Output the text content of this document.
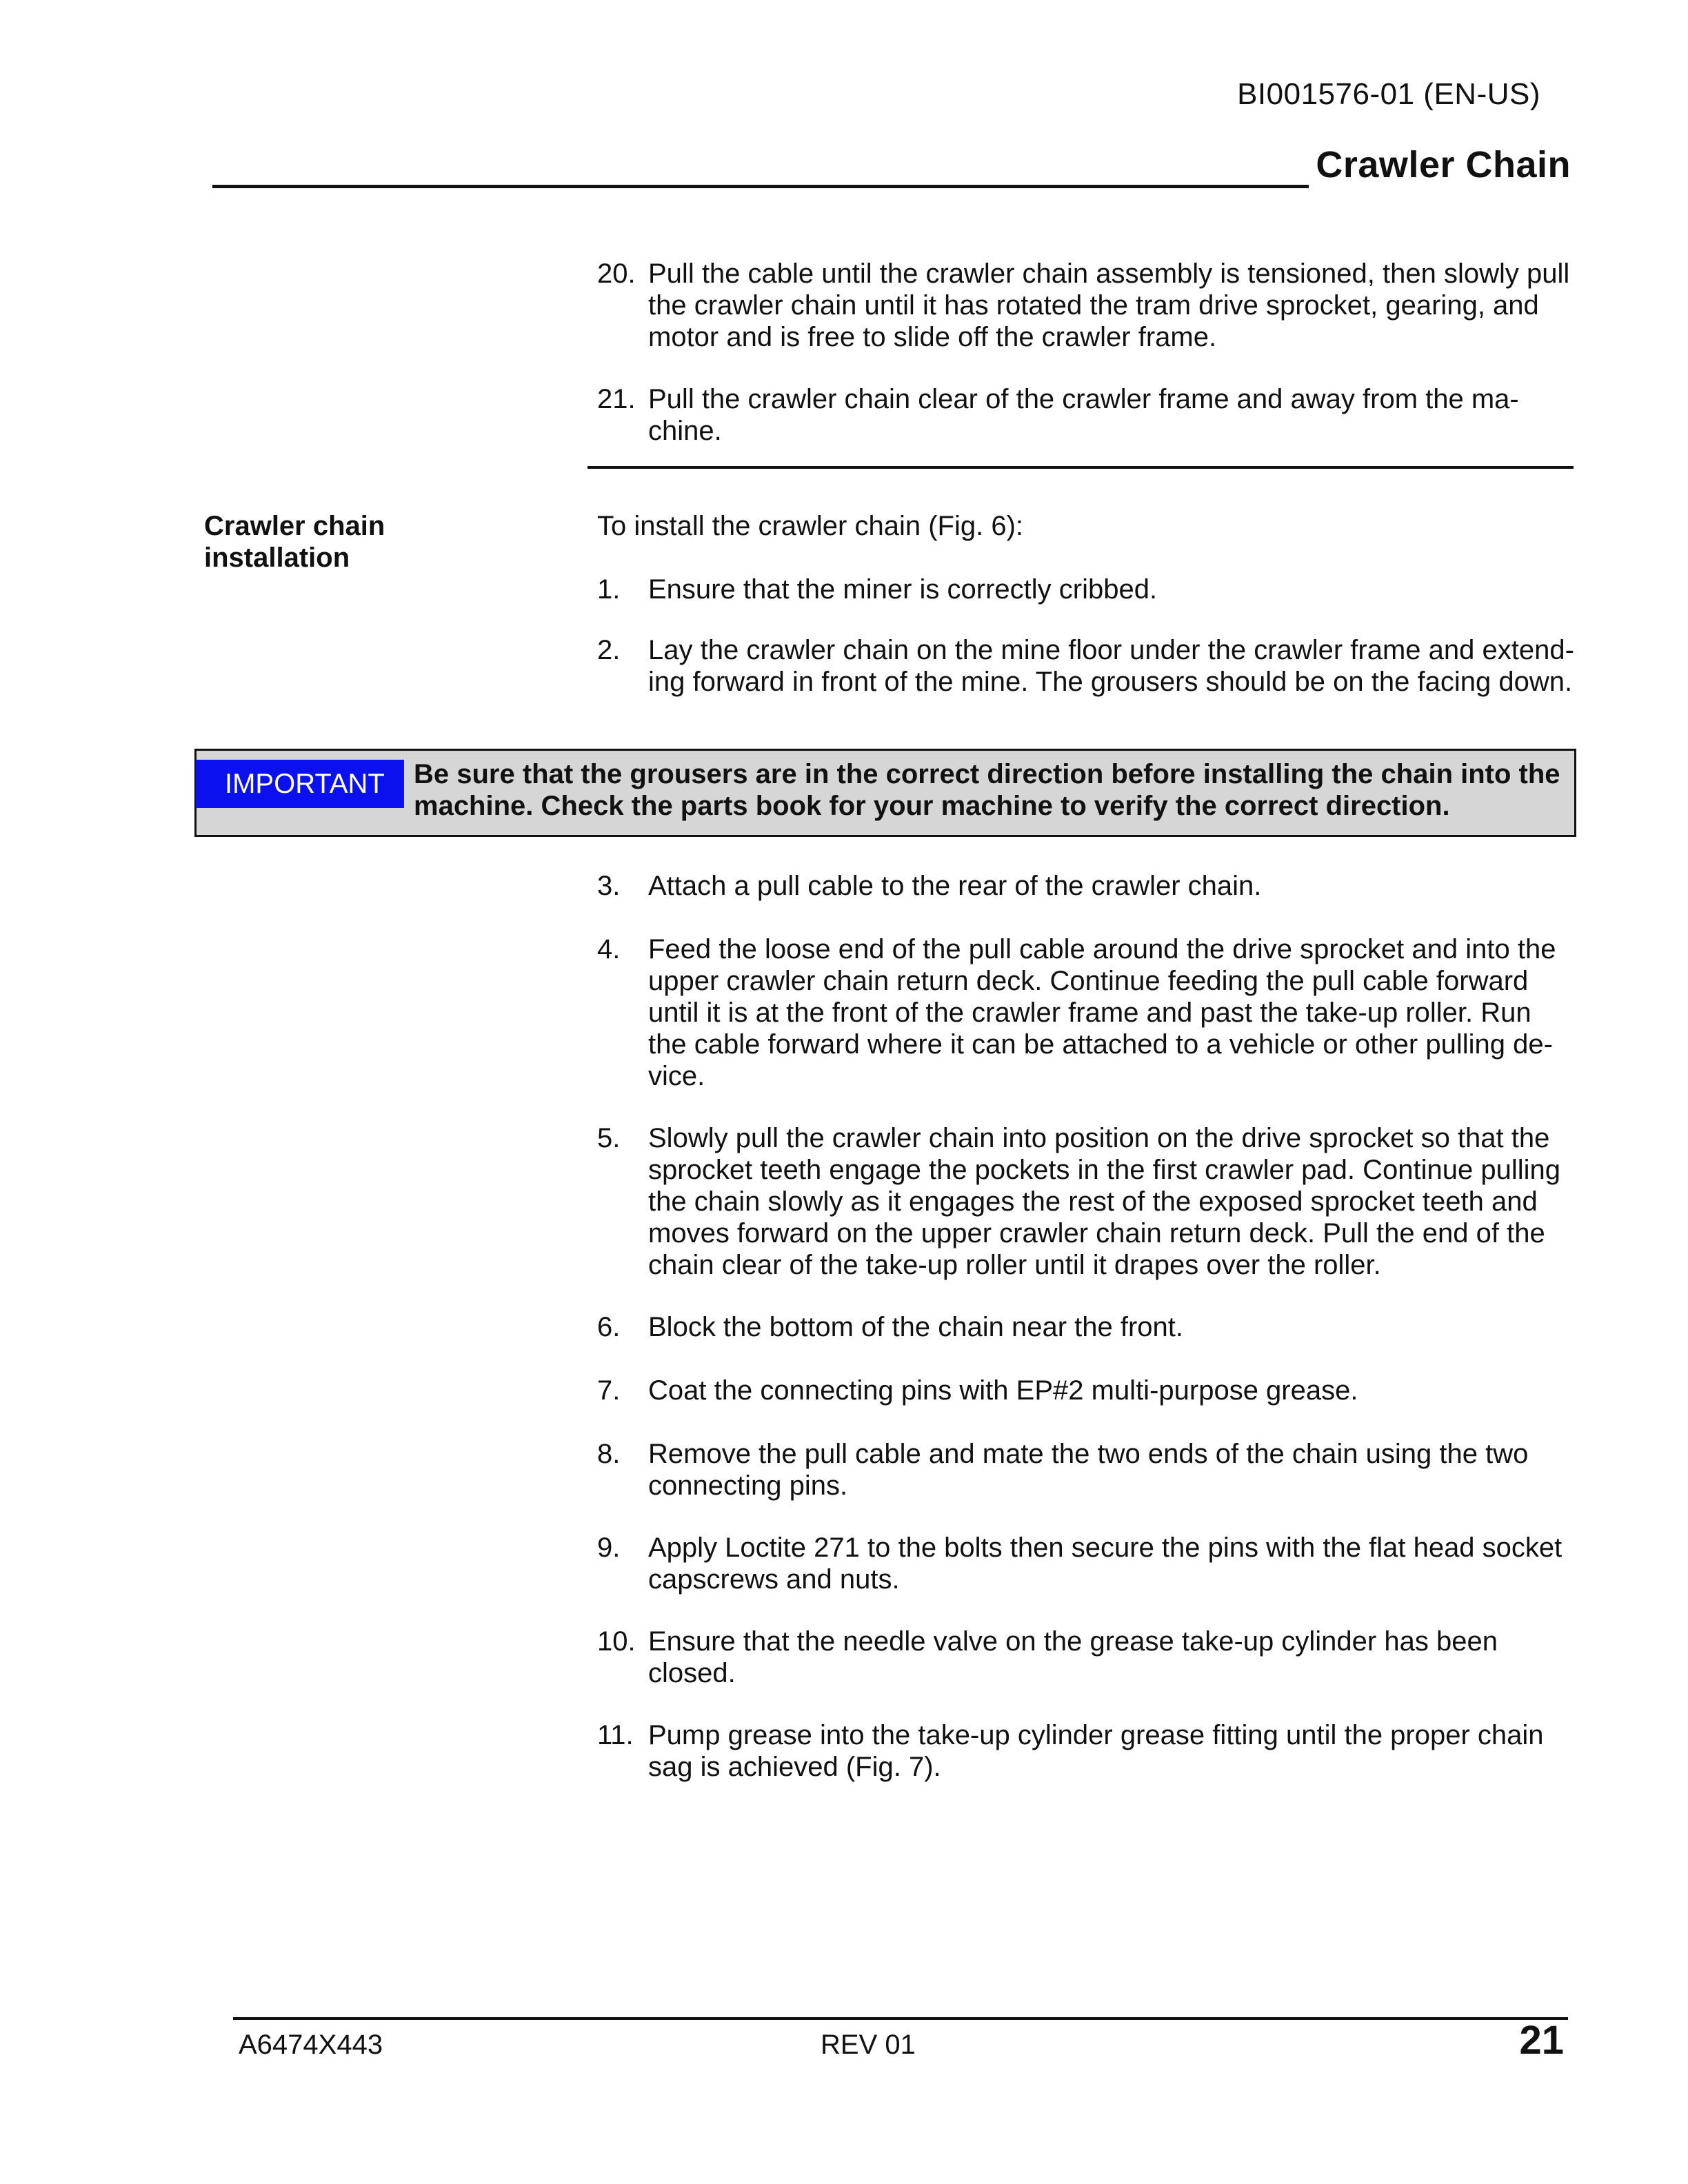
BI001576-01 (EN-US)
Crawler Chain
20. Pull the cable until the crawler chain assembly is tensioned, then slowly pull the crawler chain until it has rotated the tram drive sprocket, gearing, and motor and is free to slide off the crawler frame.
21. Pull the crawler chain clear of the crawler frame and away from the ma-chine.
Crawler chain installation
To install the crawler chain (Fig. 6):
1.	Ensure that the miner is correctly cribbed.
2.	Lay the crawler chain on the mine floor under the crawler frame and extend-ing forward in front of the mine. The grousers should be on the facing down.
IMPORTANT	Be sure that the grousers are in the correct direction before installing the chain into the machine. Check the parts book for your machine to verify the correct direction.
3.	Attach a pull cable to the rear of the crawler chain.
4.	Feed the loose end of the pull cable around the drive sprocket and into the upper crawler chain return deck. Continue feeding the pull cable forward until it is at the front of the crawler frame and past the take-up roller. Run the cable forward where it can be attached to a vehicle or other pulling de-vice.
5.	Slowly pull the crawler chain into position on the drive sprocket so that the sprocket teeth engage the pockets in the first crawler pad. Continue pulling the chain slowly as it engages the rest of the exposed sprocket teeth and moves forward on the upper crawler chain return deck. Pull the end of the chain clear of the take-up roller until it drapes over the roller.
6.	Block the bottom of the chain near the front.
7.	Coat the connecting pins with EP#2 multi-purpose grease.
8.	Remove the pull cable and mate the two ends of the chain using the two connecting pins.
9.	Apply Loctite 271 to the bolts then secure the pins with the flat head socket capscrews and nuts.
10. Ensure that the needle valve on the grease take-up cylinder has been closed.
11. Pump grease into the take-up cylinder grease fitting until the proper chain sag is achieved (Fig. 7).
A6474X443	REV 01	21
